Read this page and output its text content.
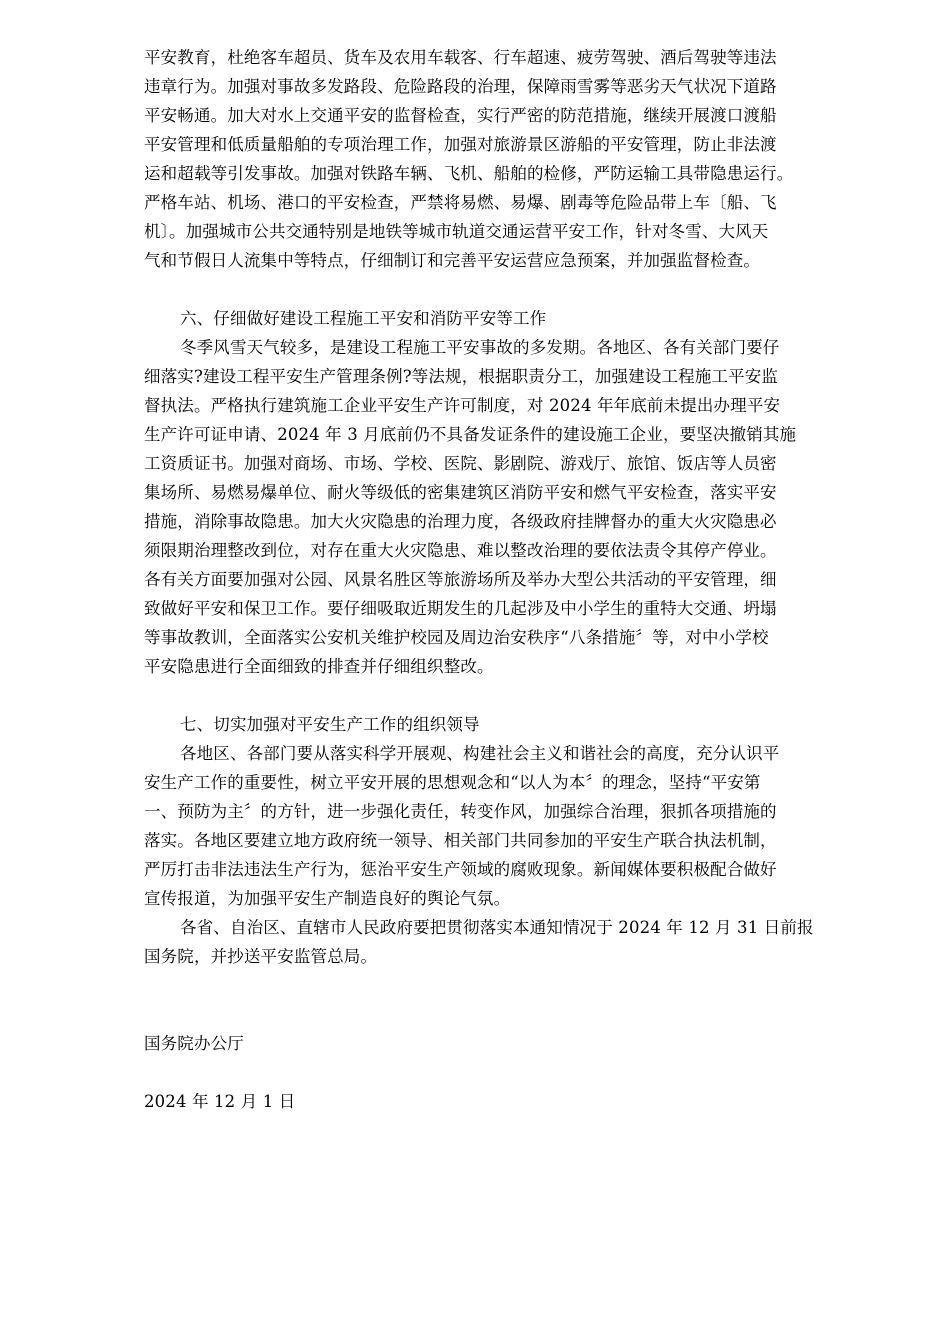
平安教育，杜绝客车超员、货车及农用车载客、行车超速、疲劳驾驶、酒后驾驶等违法
违章行为。加强对事故多发路段、危险路段的治理，保障雨雪雾等恶劣天气状况下道路
平安畅通。加大对水上交通平安的监督检查，实行严密的防范措施，继续开展渡口渡船
平安管理和低质量船舶的专项治理工作，加强对旅游景区游船的平安管理，防止非法渡
运和超载等引发事故。加强对铁路车辆、飞机、船舶的检修，严防运输工具带隐患运行。
严格车站、机场、港口的平安检查，严禁将易燃、易爆、剧毒等危险品带上车〔船、飞
机〕。加强城市公共交通特别是地铁等城市轨道交通运营平安工作，针对冬雪、大风天
气和节假日人流集中等特点，仔细制订和完善平安运营应急预案，并加强监督检查。
六、仔细做好建设工程施工平安和消防平安等工作
冬季风雪天气较多，是建设工程施工平安事故的多发期。各地区、各有关部门要仔
细落实?建设工程平安生产管理条例?等法规，根据职责分工，加强建设工程施工平安监
督执法。严格执行建筑施工企业平安生产许可制度，对 2024 年年底前未提出办理平安
生产许可证申请、2024 年 3 月底前仍不具备发证条件的建设施工企业，要坚决撤销其施
工资质证书。加强对商场、市场、学校、医院、影剧院、游戏厅、旅馆、饭店等人员密
集场所、易燃易爆单位、耐火等级低的密集建筑区消防平安和燃气平安检查，落实平安
措施，消除事故隐患。加大火灾隐患的治理力度，各级政府挂牌督办的重大火灾隐患必
须限期治理整改到位，对存在重大火灾隐患、难以整改治理的要依法责令其停产停业。
各有关方面要加强对公园、风景名胜区等旅游场所及举办大型公共活动的平安管理，细
致做好平安和保卫工作。要仔细吸取近期发生的几起涉及中小学生的重特大交通、坍塌
等事故教训，全面落实公安机关维护校园及周边治安秩序“八条措施〞等，对中小学校
平安隐患进行全面细致的排查并仔细组织整改。
七、切实加强对平安生产工作的组织领导
各地区、各部门要从落实科学开展观、构建社会主义和谐社会的高度，充分认识平
安生产工作的重要性，树立平安开展的思想观念和“以人为本〞的理念，坚持“平安第
一、预防为主〞的方针，进一步强化责任，转变作风，加强综合治理，狠抓各项措施的
落实。各地区要建立地方政府统一领导、相关部门共同参加的平安生产联合执法机制，
严厉打击非法违法生产行为，惩治平安生产领域的腐败现象。新闻媒体要积极配合做好
宣传报道，为加强平安生产制造良好的舆论气氛。
各省、自治区、直辖市人民政府要把贯彻落实本通知情况于 2024 年 12 月 31 日前报
国务院，并抄送平安监管总局。
国务院办公厅
2024 年 12 月 1 日
